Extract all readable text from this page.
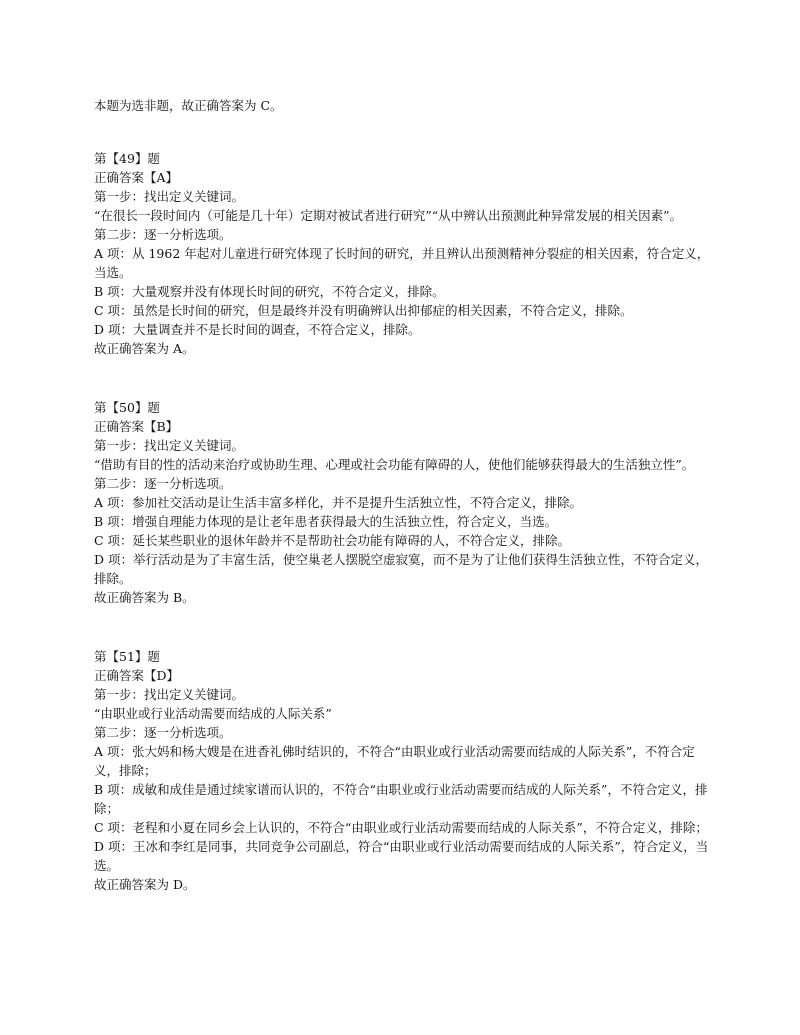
本题为选非题，故正确答案为 C。

第【49】题

正确答案【A】

第一步：找出定义关键词。

“在很长一段时间内（可能是几十年）定期对被试者进行研究”“从中辨认出预测此种异常发展的相关因素”。

第二步：逐一分析选项。

A 项：从 1962 年起对儿童进行研究体现了长时间的研究，并且辨认出预测精神分裂症的相关因素，符合定义，当选。

B 项：大量观察并没有体现长时间的研究，不符合定义，排除。

C 项：虽然是长时间的研究，但是最终并没有明确辨认出抑郁症的相关因素，不符合定义，排除。

D 项：大量调查并不是长时间的调查，不符合定义，排除。

故正确答案为 A。

第【50】题

正确答案【B】

第一步：找出定义关键词。

“借助有目的性的活动来治疗或协助生理、心理或社会功能有障碍的人，使他们能够获得最大的生活独立性”。

第二步：逐一分析选项。

A 项：参加社交活动是让生活丰富多样化，并不是提升生活独立性，不符合定义，排除。

B 项：增强自理能力体现的是让老年患者获得最大的生活独立性，符合定义，当选。

C 项：延长某些职业的退休年龄并不是帮助社会功能有障碍的人，不符合定义，排除。

D 项：举行活动是为了丰富生活，使空巢老人摆脱空虚寂寞，而不是为了让他们获得生活独立性，不符合定义，排除。

故正确答案为 B。

第【51】题

正确答案【D】

第一步：找出定义关键词。

“由职业或行业活动需要而结成的人际关系”

第二步：逐一分析选项。

A 项：张大妈和杨大嫂是在进香礼佛时结识的，不符合“由职业或行业活动需要而结成的人际关系”，不符合定义，排除；

B 项：成敏和成佳是通过续家谱而认识的，不符合“由职业或行业活动需要而结成的人际关系”，不符合定义，排除；

C 项：老程和小夏在同乡会上认识的，不符合“由职业或行业活动需要而结成的人际关系”，不符合定义，排除；

D 项：王冰和李红是同事，共同竞争公司副总，符合“由职业或行业活动需要而结成的人际关系”，符合定义，当选。

故正确答案为 D。
